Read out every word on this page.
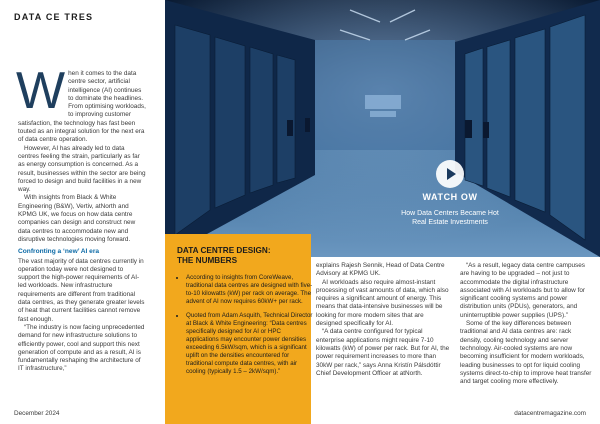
DATA CE TRES
W hen it comes to the data centre sector, artificial intelligence (AI) continues to dominate the headlines. From optimising workloads, to improving customer satisfaction, the technology has fast been touted as an integral solution for the next era of data centre operation.

However, AI has already led to data centres feeling the strain, particularly as far as energy consumption is concerned. As a result, businesses within the sector are being forced to design and build facilities in a new way.

With insights from Black & White Engineering (B&W), Vertiv, atNorth and KPMG UK, we focus on how data centre companies can design and construct new data centres to accommodate new and disruptive technologies moving forward.

Confronting a ‘new’ AI era

The vast majority of data centres currently in operation today were not designed to support the high-power requirements of AI-led workloads. New infrastructure requirements are different from traditional data centres, as they generate greater levels of heat that current facilities cannot remove fast enough.

“The industry is now facing unprecedented demand for new infrastructure solutions to efficiently power, cool and support this next generation of compute and as a result, AI is fundamentally reshaping the architecture of IT infrastructure,”

WATCH OW
How Data Centers Became Hot Real Estate Investments
DATA CENTRE DESIGN:
THE NUMBERS
• According to insights from CoreWeave, traditional data centres are designed with five-to-10 kilowatts (kW) per rack on average. The advent of AI now requires 60kW+ per rack.
• Quoted from Adam Asquith, Technical Director at Black & White Engineering: “Data centres specifically designed for AI or HPC applications may encounter power densities exceeding 6.5kW/sqm, which is a significant uplift on the densities encountered for traditional compute data centres, with air cooling (typically 1.5 – 2kW/sqm).”

explains Rajesh Sennik, Head of Data Centre Advisory at KPMG UK.

AI workloads also require almost-instant processing of vast amounts of data, which also requires a significant amount of energy. This means that data-intensive businesses will be looking for more modern sites that are designed specifically for AI.

“A data centre configured for typical enterprise applications might require 7-10 kilowatts (kW) of power per rack. But for AI, the power requirement increases to more than 30kW per rack,” says Anna Kristín Pálsdóttir Chief Development Officer at atNorth.

“As a result, legacy data centre campuses are having to be upgraded – not just to accommodate the digital infrastructure associated with AI workloads but to allow for significant cooling systems and power distribution units (PDUs), generators, and uninterruptible power supplies (UPS).”

Some of the key differences between traditional and AI data centres are: rack density, cooling technology and server technology. Air-cooled systems are now becoming insufficient for modern workloads, leading businesses to opt for liquid cooling systems direct-to-chip to improve heat transfer and target cooling more effectively.

December 2024	datacentremagazine.com
